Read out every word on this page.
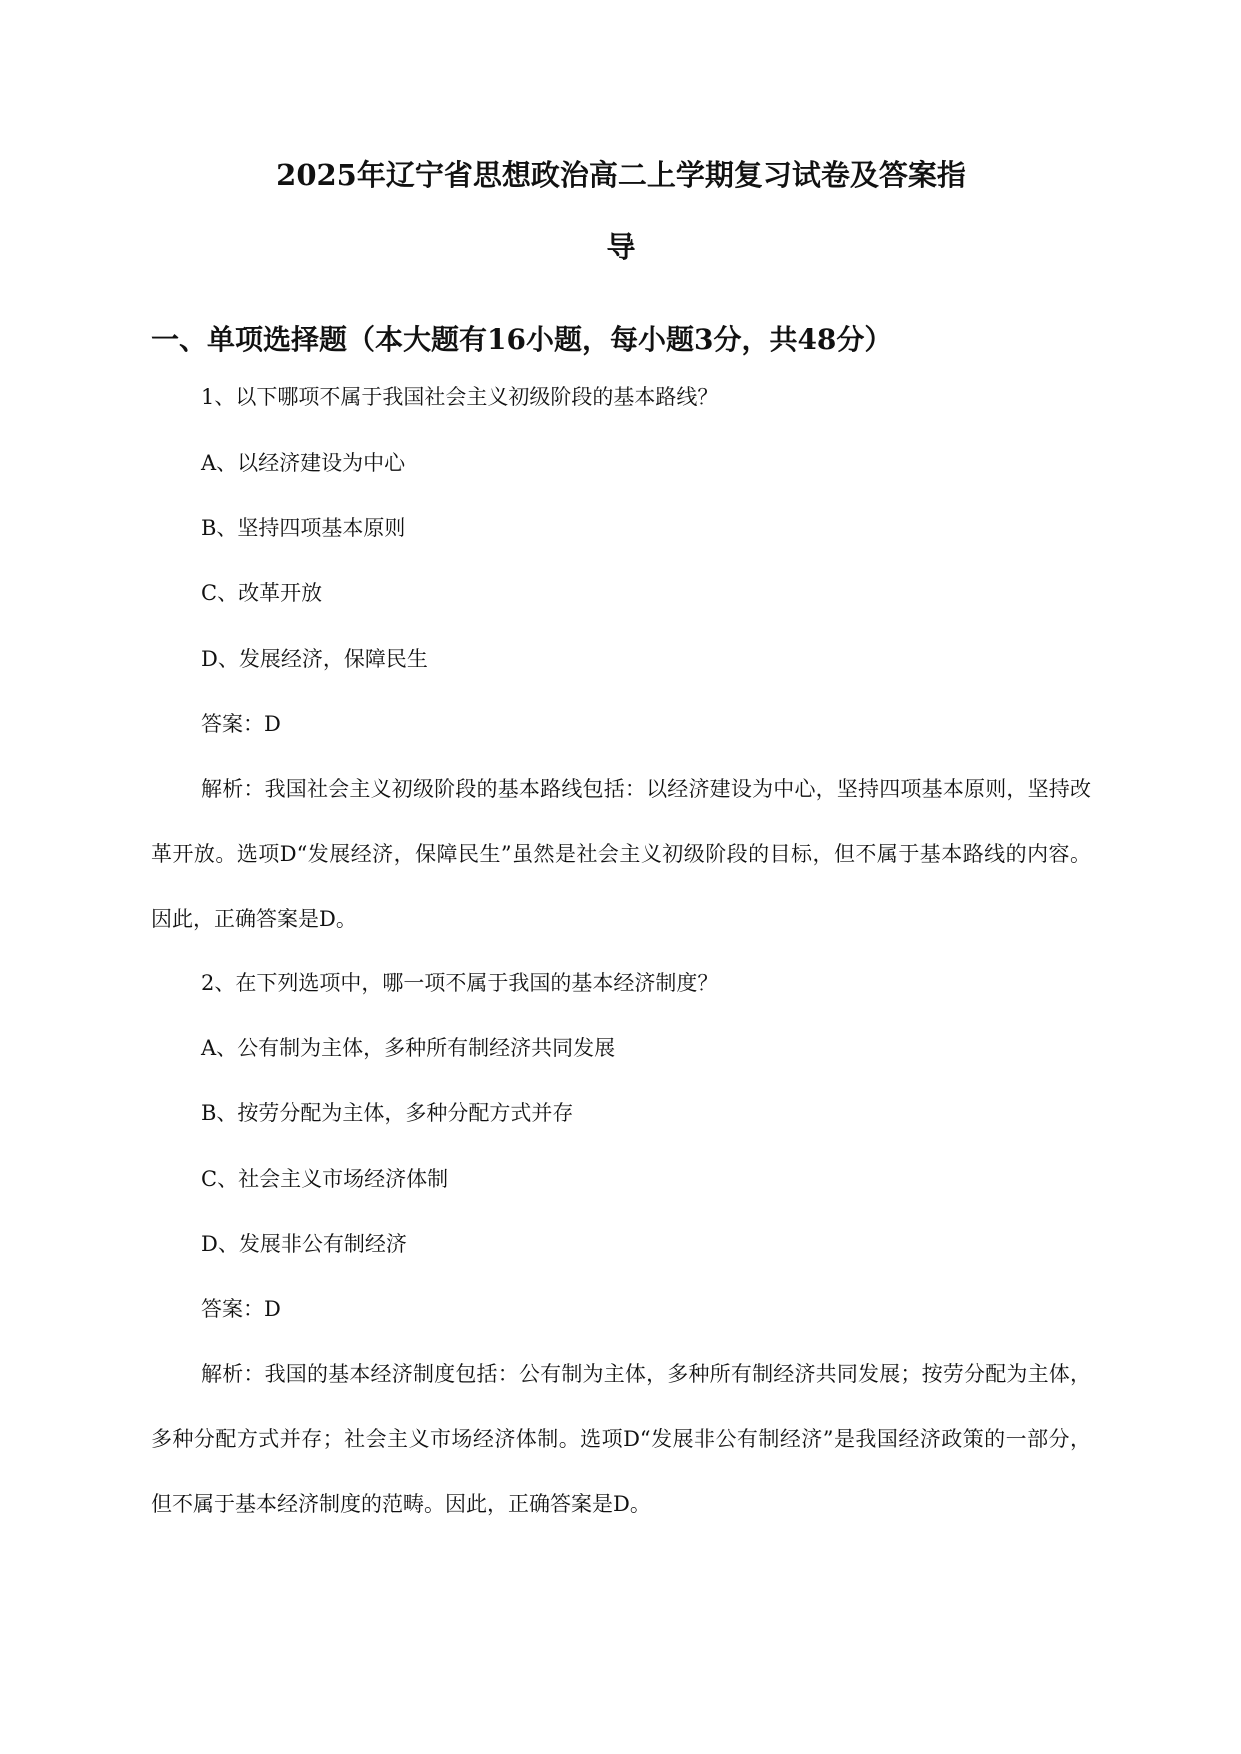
2025年辽宁省思想政治高二上学期复习试卷及答案指
导
一、单项选择题（本大题有16小题，每小题3分，共48分）
1、以下哪项不属于我国社会主义初级阶段的基本路线？
A、以经济建设为中心
B、坚持四项基本原则
C、改革开放
D、发展经济，保障民生
答案：D
解析：我国社会主义初级阶段的基本路线包括：以经济建设为中心，坚持四项基本原则，坚持改革开放。选项D“发展经济，保障民生”虽然是社会主义初级阶段的目标，但不属于基本路线的内容。因此，正确答案是D。
2、在下列选项中，哪一项不属于我国的基本经济制度？
A、公有制为主体，多种所有制经济共同发展
B、按劳分配为主体，多种分配方式并存
C、社会主义市场经济体制
D、发展非公有制经济
答案：D
解析：我国的基本经济制度包括：公有制为主体，多种所有制经济共同发展；按劳分配为主体，多种分配方式并存；社会主义市场经济体制。选项D“发展非公有制经济”是我国经济政策的一部分，但不属于基本经济制度的范畴。因此，正确答案是D。
